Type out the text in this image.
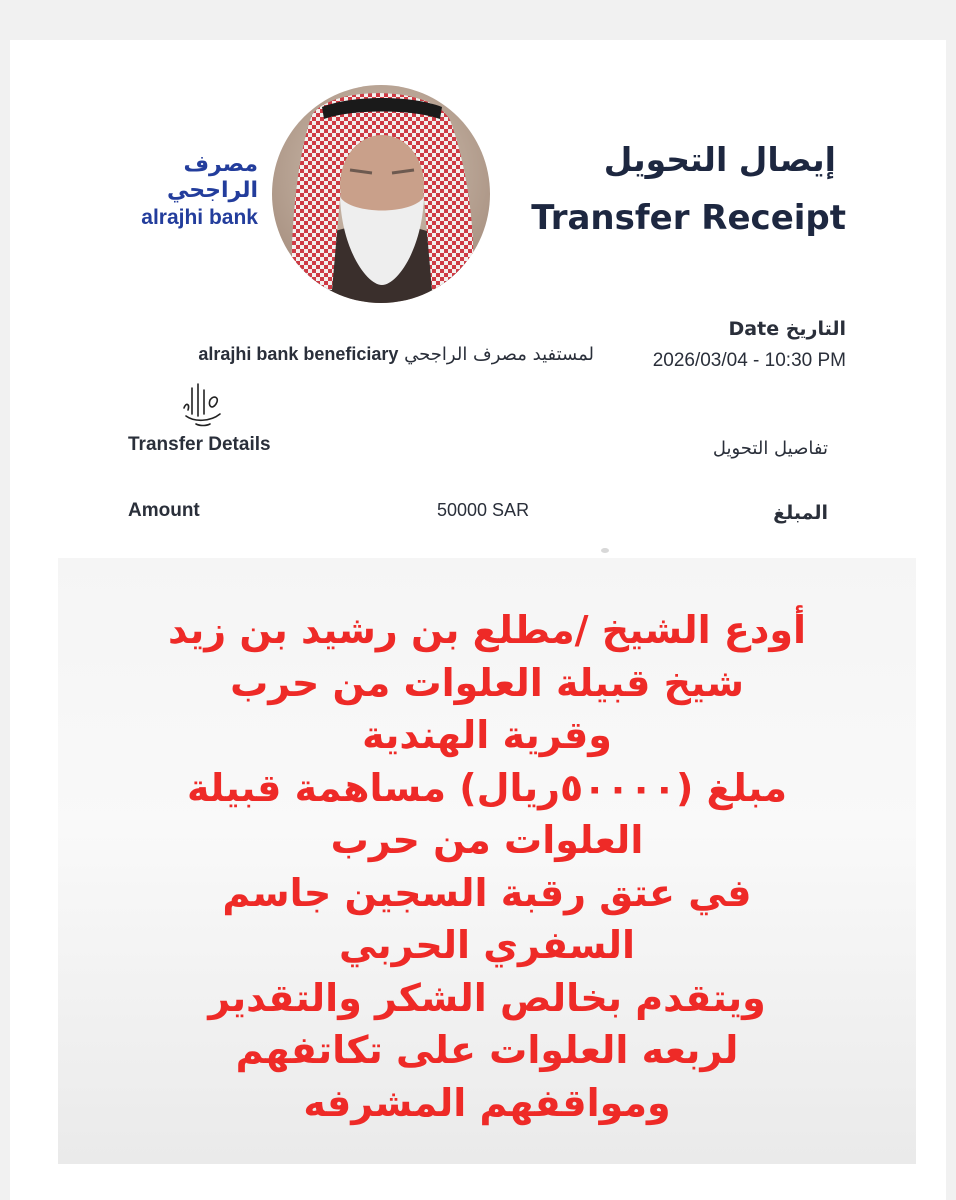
مصرف الراجحي
alrajhi bank
إيصال التحويل
Transfer Receipt
التاريخ Date
2026/03/04 - 10:30 PM
لمستفيد مصرف الراجحي alrajhi bank beneficiary
Transfer Details	تفاصيل التحويل
Amount	50000 SAR	المبلغ
أودع الشيخ /مطلع بن رشيد بن زيد
شيخ قبيلة العلوات من حرب
وقرية الهندية
مبلغ (٥٠٠٠٠ريال) مساهمة قبيلة
العلوات من حرب
في عتق رقبة السجين جاسم
السفري الحربي
ويتقدم بخالص الشكر والتقدير
لربعه العلوات على تكاتفهم
ومواقفهم المشرفه
